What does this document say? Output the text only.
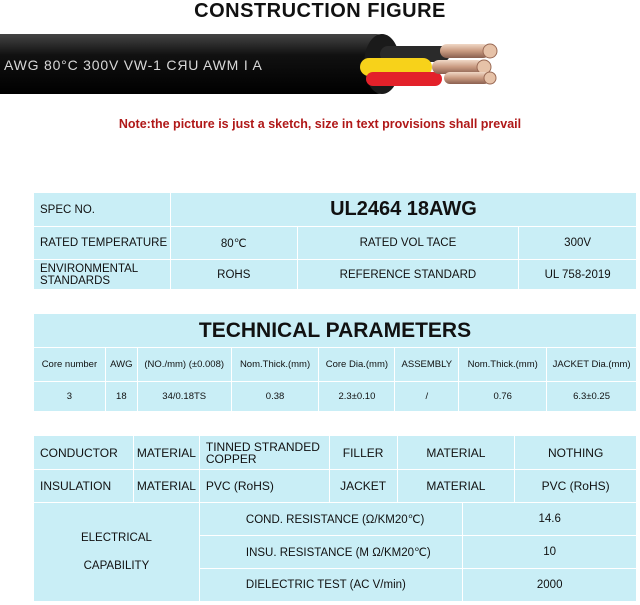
CONSTRUCTION FIGURE
AWG 80°C 300V VW-1 CЯU AWM I A
Note:the picture is just a sketch, size in text provisions shall prevail
SPEC NO.	UL2464 18AWG		
RATED TEMPERATURE	80℃	RATED VOL TACE	300V
ENVIRONMENTAL STANDARDS	ROHS	REFERENCE STANDARD	UL 758-2019
TECHNICAL PARAMETERS							
Core number	AWG	(NO./mm) (±0.008)	Nom.Thick.(mm)	Core Dia.(mm)	ASSEMBLY	Nom.Thick.(mm)	JACKET Dia.(mm)
3	18	34/0.18TS	0.38	2.3±0.10	/	0.76	6.3±0.25
CONDUCTOR	MATERIAL	TINNED STRANDED COPPER	FILLER	MATERIAL		NOTHING
INSULATION	MATERIAL	PVC (RoHS)	JACKET	MATERIAL		PVC (RoHS)

ELECTRICAL
CAPABILITY		COND. RESISTANCE (Ω/KM20℃)			14.6	
		INSU. RESISTANCE (M Ω/KM20℃)			10	
		DIELECTRIC TEST (AC V/min)			2000	
